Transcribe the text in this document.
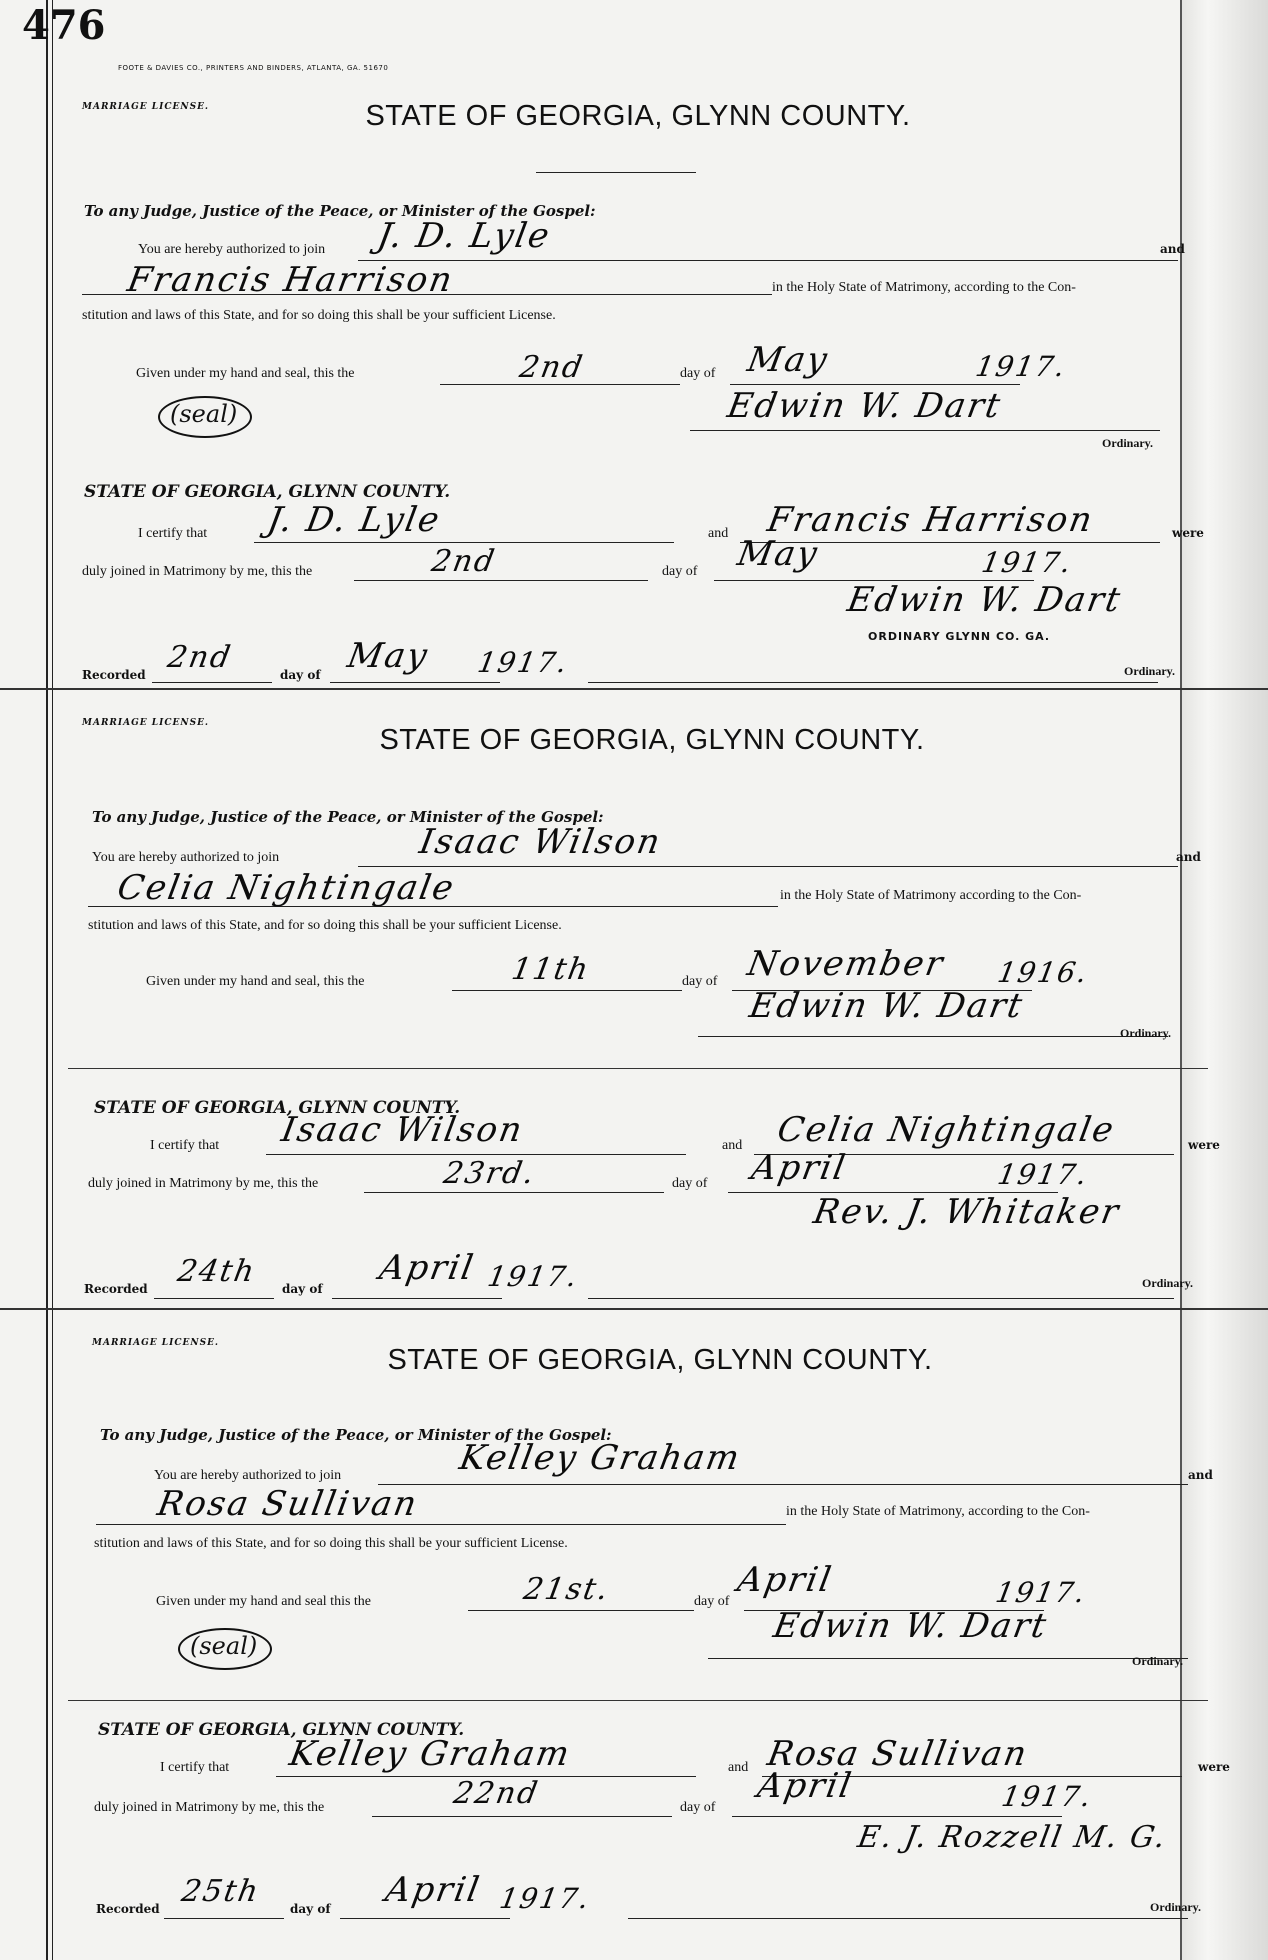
476
FOOTE & DAVIES CO., PRINTERS AND BINDERS, ATLANTA, GA. 51670
MARRIAGE LICENSE.	STATE OF GEORGIA, GLYNN COUNTY.
To any Judge, Justice of the Peace, or Minister of the Gospel:
You are hereby authorized to join J. D. Lyle	and
Francis Harrison	in the Holy State of Matrimony, according to the Con-
stitution and laws of this State, and for so doing this shall be your sufficient License.
Given under my hand and seal, this the	2nd	day of May	1917.
(seal)	Edwin W. Dart
Ordinary.
STATE OF GEORGIA, GLYNN COUNTY.
I certify that J. D. Lyle	and Francis Harrison	were
duly joined in Matrimony by me, this the	2nd	day of May	1917.
Edwin W. Dart
ORDINARY GLYNN CO. GA.
Recorded 2nd	day of May 1917.	Ordinary.
MARRIAGE LICENSE.
STATE OF GEORGIA, GLYNN COUNTY.
To any Judge, Justice of the Peace, or Minister of the Gospel:
You are hereby authorized to join	Isaac Wilson	and
Celia Nightingale	in the Holy State of Matrimony according to the Con-
stitution and laws of this State, and for so doing this shall be your sufficient License.
Given under my hand and seal, this the	11th	day of November 1916.
Edwin W. Dart
Ordinary.
STATE OF GEORGIA, GLYNN COUNTY.
I certify that Isaac Wilson	and Celia Nightingale	were
duly joined in Matrimony by me, this the	23rd.	day of April	1917.
Rev. J. Whitaker
Recorded 24th day of
April 1917.	Ordinary.
MARRIAGE LICENSE.
STATE OF GEORGIA, GLYNN COUNTY.
To any Judge, Justice of the Peace, or Minister of the Gospel:
You are hereby authorized to join	Kelley Graham	and
Rosa Sullivan	in the Holy State of Matrimony, according to the Con-
stitution and laws of this State, and for so doing this shall be your sufficient License.
Given under my hand and seal this the	21st.	day of
April	1917.
(seal)	Edwin W. Dart
Ordinary.
STATE OF GEORGIA, GLYNN COUNTY.
I certify that Kelley Graham	and Rosa Sullivan	were
duly joined in Matrimony by me, this the	22nd	day of
April	1917.
E. J. Rozzell M. G.
Recorded 25th day of April 1917.	Ordinary.
